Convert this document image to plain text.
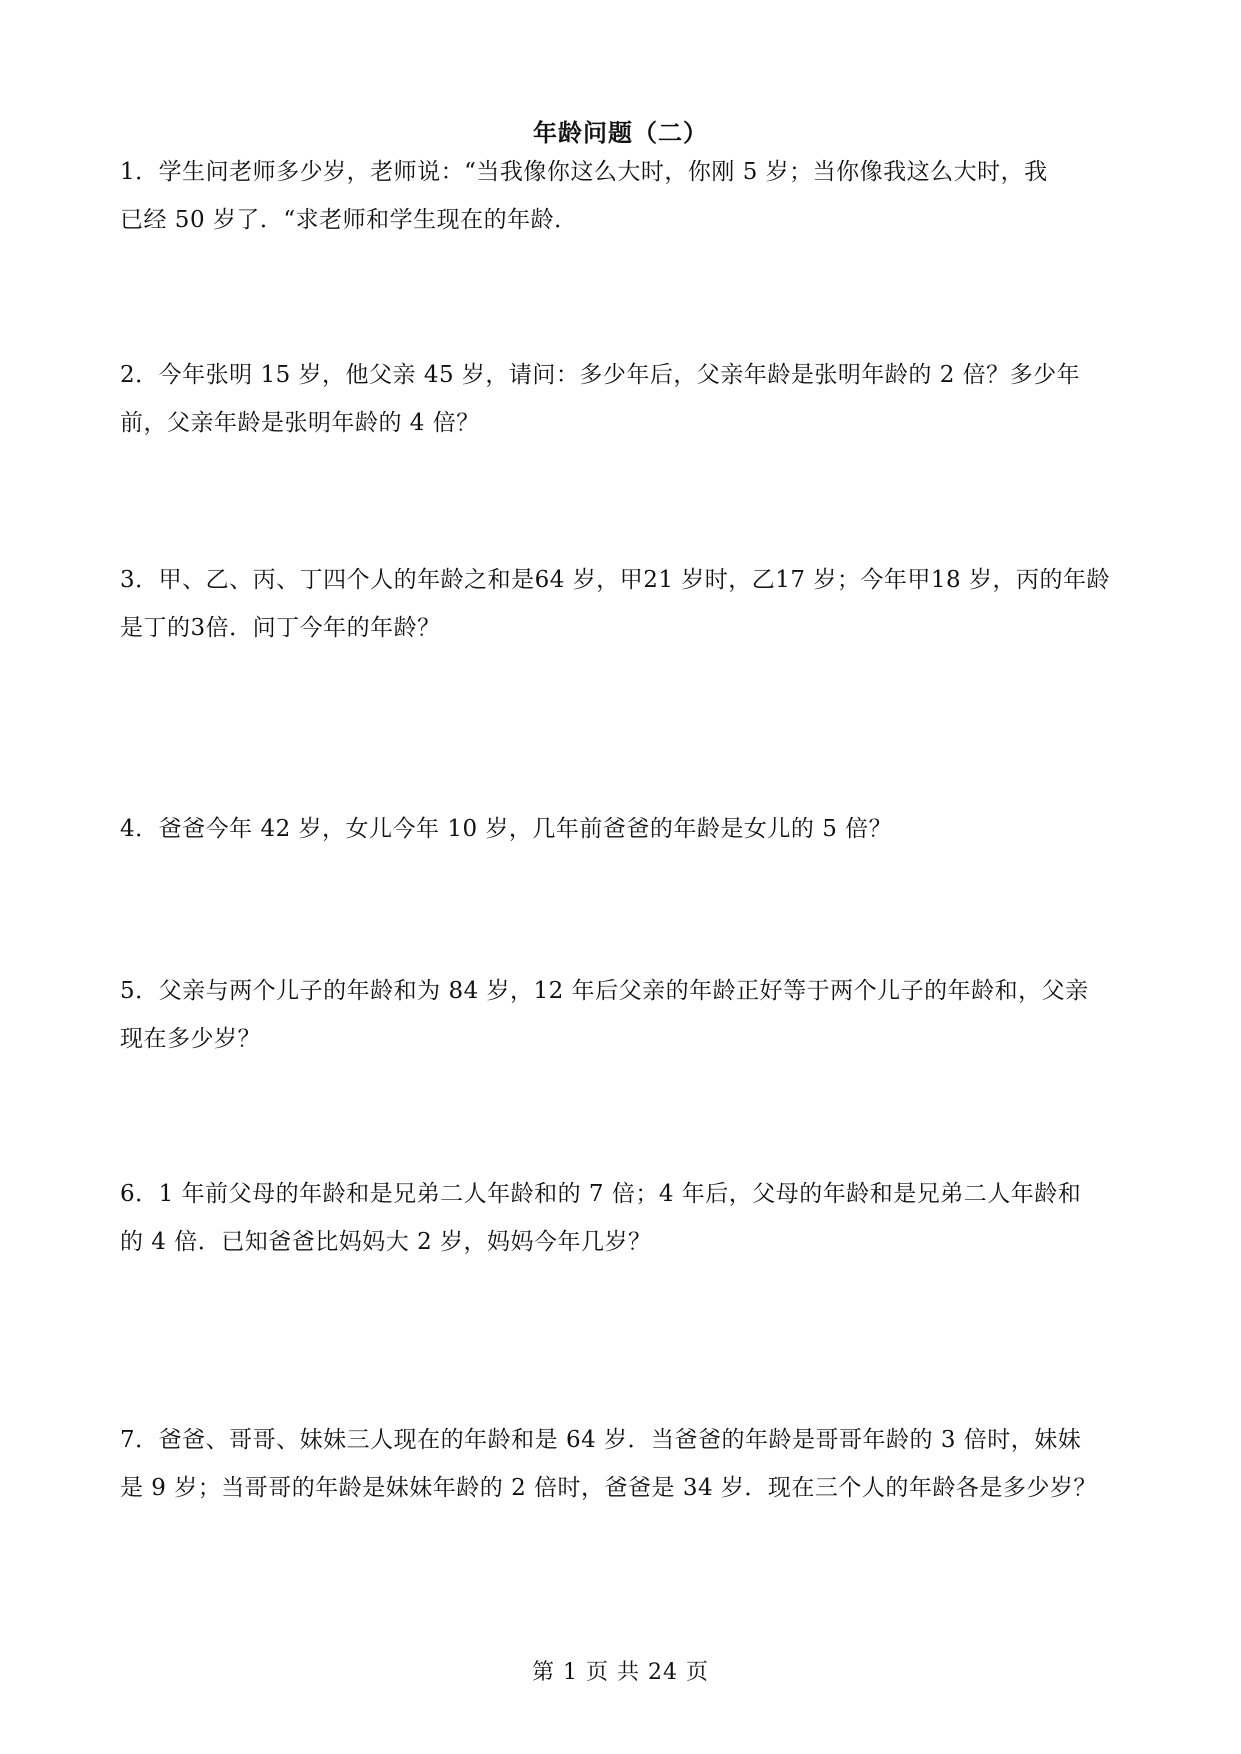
年龄问题（二）

1．学生问老师多少岁，老师说：“当我像你这么大时，你刚 5 岁；当你像我这么大时，我

已经 50 岁了．“求老师和学生现在的年龄．

2．今年张明 15 岁，他父亲 45 岁，请问：多少年后，父亲年龄是张明年龄的 2 倍？多少年

前，父亲年龄是张明年龄的 4 倍？

3．甲、乙、丙、丁四个人的年龄之和是64 岁，甲21 岁时，乙17 岁；今年甲18 岁，丙的年龄

是丁的3倍．问丁今年的年龄？

4．爸爸今年 42 岁，女儿今年 10 岁，几年前爸爸的年龄是女儿的 5 倍？

5．父亲与两个儿子的年龄和为 84 岁，12 年后父亲的年龄正好等于两个儿子的年龄和，父亲

现在多少岁？

6．1 年前父母的年龄和是兄弟二人年龄和的 7 倍；4 年后，父母的年龄和是兄弟二人年龄和

的 4 倍．已知爸爸比妈妈大 2 岁，妈妈今年几岁？

7．爸爸、哥哥、妹妹三人现在的年龄和是 64 岁．当爸爸的年龄是哥哥年龄的 3 倍时，妹妹

是 9 岁；当哥哥的年龄是妹妹年龄的 2 倍时，爸爸是 34 岁．现在三个人的年龄各是多少岁？

第 1 页 共 24 页
